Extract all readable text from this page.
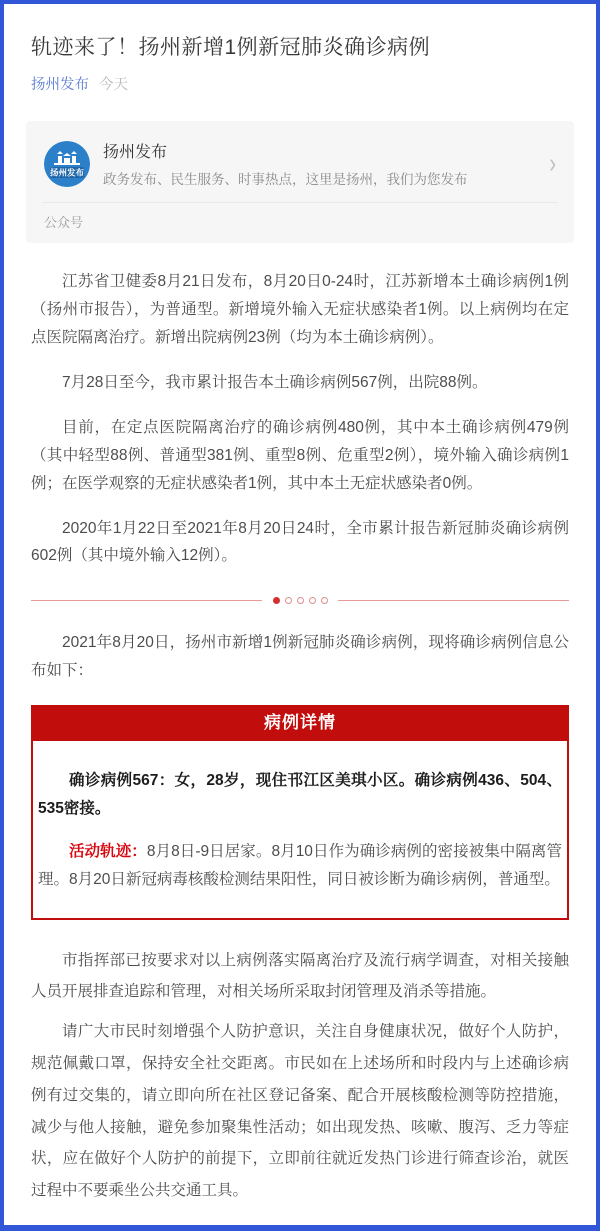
轨迹来了！扬州新增1例新冠肺炎确诊病例
扬州发布 今天
扬州发布
扬州发布
政务发布、民生服务、时事热点，这里是扬州，我们为您发布
›
公众号

江苏省卫健委8月21日发布，8月20日0-24时，江苏新增本土确诊病例1例（扬州市报告），为普通型。新增境外输入无症状感染者1例。以上病例均在定点医院隔离治疗。新增出院病例23例（均为本土确诊病例）。

7月28日至今，我市累计报告本土确诊病例567例，出院88例。

目前，在定点医院隔离治疗的确诊病例480例，其中本土确诊病例479例（其中轻型88例、普通型381例、重型8例、危重型2例），境外输入确诊病例1例；在医学观察的无症状感染者1例，其中本土无症状感染者0例。

2020年1月22日至2021年8月20日24时，全市累计报告新冠肺炎确诊病例602例（其中境外输入12例）。

2021年8月20日，扬州市新增1例新冠肺炎确诊病例，现将确诊病例信息公布如下：

病例详情

确诊病例567：女，28岁，现住邗江区美琪小区。确诊病例436、504、535密接。

活动轨迹：8月8日-9日居家。8月10日作为确诊病例的密接被集中隔离管理。8月20日新冠病毒核酸检测结果阳性，同日被诊断为确诊病例，普通型。

市指挥部已按要求对以上病例落实隔离治疗及流行病学调查，对相关接触人员开展排查追踪和管理，对相关场所采取封闭管理及消杀等措施。

请广大市民时刻增强个人防护意识，关注自身健康状况，做好个人防护，规范佩戴口罩，保持安全社交距离。市民如在上述场所和时段内与上述确诊病例有过交集的，请立即向所在社区登记备案、配合开展核酸检测等防控措施，减少与他人接触，避免参加聚集性活动；如出现发热、咳嗽、腹泻、乏力等症状，应在做好个人防护的前提下，立即前往就近发热门诊进行筛查诊治，就医过程中不要乘坐公共交通工具。
